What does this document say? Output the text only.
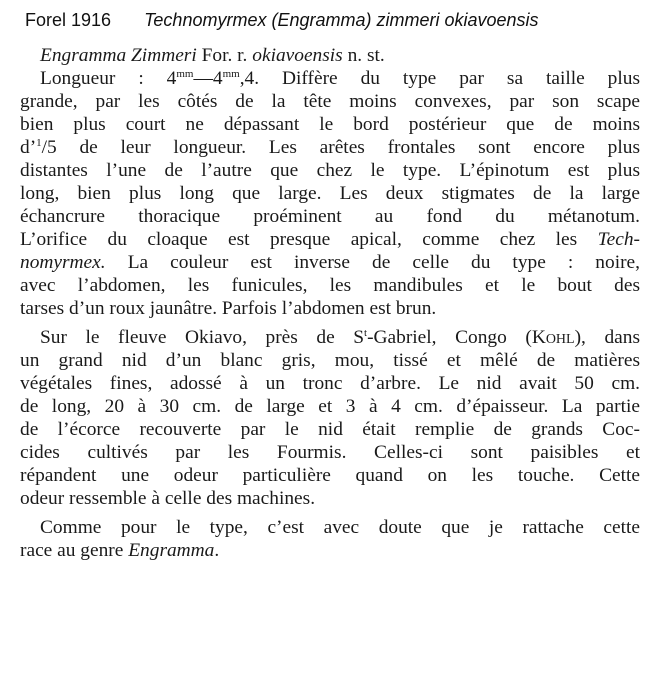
Forel 1916 Technomyrmex (Engramma) zimmeri okiavoensis
Engramma Zimmeri For. r. okiavoensis n. st.
Longueur : $4^{mm}—4^{mm},4$. Diffère du type par sa taille plus
grande, par les côtés de la tête moins convexes, par son scape
bien plus court ne dépassant le bord postérieur que de moins
d’$^1$/5 de leur longueur. Les arêtes frontales sont encore plus
distantes l’une de l’autre que chez le type. L’épinotum est plus
long, bien plus long que large. Les deux stigmates de la large
échancrure thoracique proéminent au fond du métanotum.
L’orifice du cloaque est presque apical, comme chez les Tech-
nomyrmex. La couleur est inverse de celle du type : noire,
avec l’abdomen, les funicules, les mandibules et le bout des
tarses d’un roux jaunâtre. Parfois l’abdomen est brun.
Sur le fleuve Okiavo, près de $S^t$-Gabriel, Congo (Kohl), dans
un grand nid d’un blanc gris, mou, tissé et mêlé de matières
végétales fines, adossé à un tronc d’arbre. Le nid avait 50 cm.
de long, 20 à 30 cm. de large et 3 à 4 cm. d’épaisseur. La partie
de l’écorce recouverte par le nid était remplie de grands Coc-
cides cultivés par les Fourmis. Celles-ci sont paisibles et
répandent une odeur particulière quand on les touche. Cette
odeur ressemble à celle des machines.
Comme pour le type, c’est avec doute que je rattache cette
race au genre Engramma.
